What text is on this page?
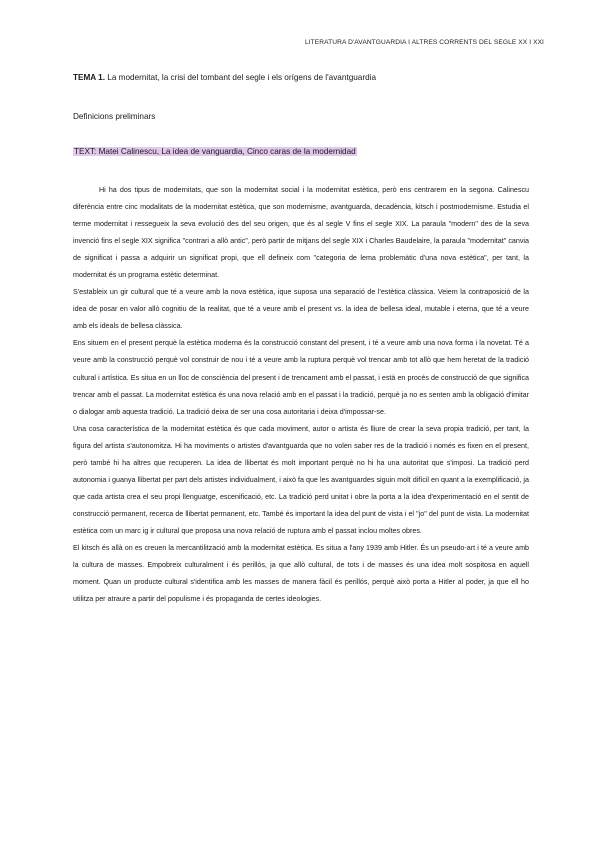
LITERATURA D'AVANTGUARDIA I ALTRES CORRENTS DEL SEGLE XX I XXI
TEMA 1. La modernitat, la crisi del tombant del segle i els orígens de l'avantguardia
Definicions preliminars
TEXT: Matei Calinescu, La idea de vanguardia, Cinco caras de la modernidad

Hi ha dos tipus de modernitats, que son la modernitat social i la modernitat estètica, però ens centrarem en la segona. Calinescu diferència entre cinc modalitats de la modernitat estètica, que son modernisme, avantguarda, decadència, kitsch i postmodernisme. Estudia el terme modernitat i ressegueix la seva evolució des del seu origen, que és al segle V fins el segle XIX. La paraula "modern" des de la seva invenció fins el segle XIX significa "contrari a allò antic", però partir de mitjans del segle XIX i Charles Baudelaire, la paraula "modernitat" canvia de significat i passa a adquirir un significat propi, que ell defineix com "categoria de lema problemàtic d'una nova estètica", per tant, la modernitat és un programa estètic determinat.

S'estableix un gir cultural que té a veure amb la nova estètica, ique suposa una separació de l'estètica clàssica. Veiem la contraposició de la idea de posar en valor allò cognitiu de la realitat, que té a veure amb el present vs. la idea de bellesa ideal, mutable i eterna, que té a veure amb els ideals de bellesa clàssica.

Ens situem en el present perquè la estètica moderna és la construcció constant del present, i té a veure amb una nova forma i la novetat. Té a veure amb la construcció perquè vol construir de nou i té a veure amb la ruptura perquè vol trencar amb tot allò que hem heretat de la tradició cultural i artística. Es situa en un lloc de consciència del present i de trencament amb el passat, i està en procés de construcció de que significa trencar amb el passat. La modernitat estètica és una nova relació amb en el passat i la tradició, perquè ja no es senten amb la obligació d'imitar o dialogar amb aquesta tradició. La tradició deixa de ser una cosa autoritaria i deixa d'impossar-se.

Una cosa característica de la modernitat estètica és que cada moviment, autor o artista és lliure de crear la seva propia tradició, per tant, la figura del artista s'autonomitza. Hi ha moviments o artistes d'avantguarda que no volen saber res de la tradició i només es fixen en el present, però també hi ha altres que recuperen. La idea de llibertat és molt important perquè no hi ha una autoritat que s'imposi. La tradició perd autonomia i guanya llibertat per part dels artistes individualment, i això fa que les avantguardes siguin molt difícil en quant a la exemplificació, ja que cada artista crea el seu propi llenguatge, escenificació, etc. La tradició perd unitat i obre la porta a la idea d'experimentació en el sentit de construcció permanent, recerca de llibertat permanent, etc. També és important la idea del punt de vista i el "jo" del punt de vista. La modernitat estètica com un marc ig ir cultural que proposa una nova relació de ruptura amb el passat inclou moltes obres.

El kitsch és allà on es creuen la mercantilització amb la modernitat estètica. Es situa a l'any 1939 amb Hitler. És un pseudo-art i té a veure amb la cultura de masses. Empobreix culturalment i és perillós, ja que allò cultural, de tots i de masses és una idea molt sospitosa en aquell moment. Quan un producte cultural s'identifica amb les masses de manera fàcil és perillós, perquè això porta a Hitler al poder, ja que ell ho utilitza per atraure a partir del populisme i és propaganda de certes ideologies.
